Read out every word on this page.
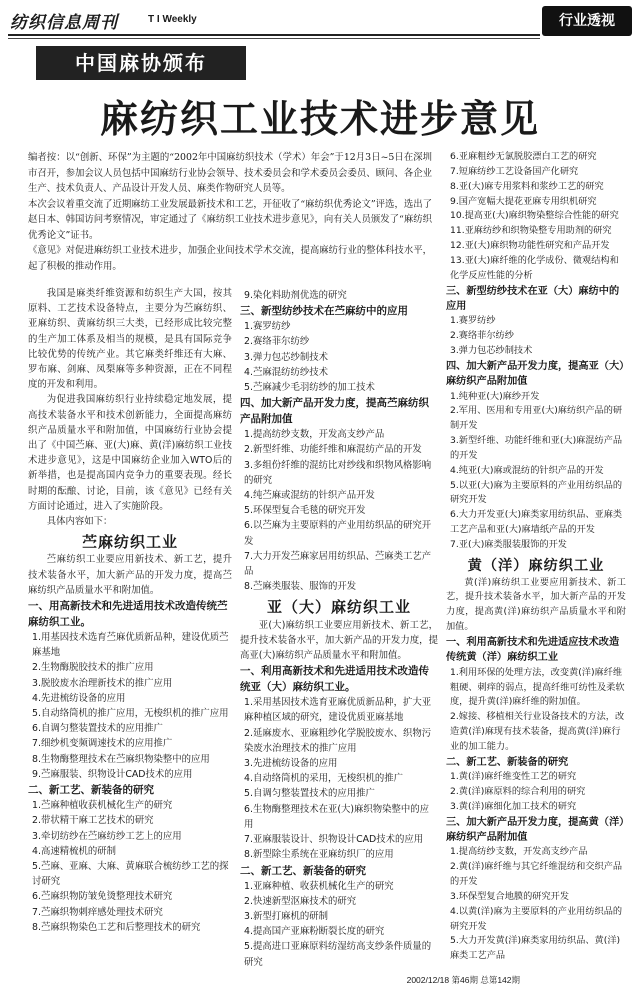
纺织信息周刊	T I Weekly	行业透视
中国麻协颁布
麻纺织工业技术进步意见

编者按：以“创新、环保”为主题的“2002年中国麻纺织技术（学术）年会”于12月3日~5日在深圳市召开，参加会议人员包括中国麻纺行业协会领导、技术委员会和学术委员会委员、顾问、各企业生产、技术负责人、产品设计开发人员、麻类作物研究人员等。

本次会议着重交流了近期麻纺工业发展最新技术和工艺，开征收了“麻纺织优秀论文”评选，选出了赵日本、韩国访问考察情况，审定通过了《麻纺织工业技术进步意见》，向有关人员颁发了“麻纺织优秀论文”证书。

《意见》对促进麻纺织工业技术进步，加强企业间技术学术交流，提高麻纺行业的整体科技水平，起了积极的推动作用。

我国是麻类纤维资源和纺织生产大国，按其原料、工艺技术设备特点，主要分为苎麻纺织、亚麻纺织、黄麻纺织三大类，已经形成比较完整的生产加工体系及相当的规模，是具有国际竞争比较优势的传统产业。其它麻类纤维还有大麻、罗布麻、剑麻、凤梨麻等多种资源，正在不同程度的开发和利用。

为促进我国麻纺织行业持续稳定地发展，提高技术装备水平和技术创新能力，全面提高麻纺织产品质量水平和附加值，中国麻纺行业协会提出了《中国苎麻、亚(大)麻、黄(洋)麻纺织工业技术进步意见》，这是中国麻纺企业加入WTO后的新举措，也是提高国内竞争力的重要表现。经长时期的酝酿、讨论，目前，该《意见》已经有关方面讨论通过，进入了实施阶段。

具体内容如下：

苎麻纺织工业

苎麻纺织工业要应用新技术、新工艺，提升技术装备水平，加大新产品的开发力度，提高苎麻纺织产品质量水平和附加值。

一、用高新技术和先进适用技术改造传统苎麻纺织工业。

1.用基因技术选育苎麻优质新品种，建设优质苎麻基地

2.生物酶脱胶技术的推广应用

3.脱胶废水治理新技术的推广应用

4.先进梳纺设备的应用

5.自动络筒机的推广应用，无梭织机的推广应用

6.自调匀整装置技术的应用推广

7.细纱机变频调速技术的应用推广

8.生物酶整理技术在苎麻织物染整中的应用

9.苎麻服装、织物设计CAD技术的应用

二、新工艺、新装备的研究

1.苎麻种植收获机械化生产的研究

2.带状精干麻工艺技术的研究

3.牵切纺纱在苎麻纺纱工艺上的应用

4.高速精梳机的研制

5.苎麻、亚麻、大麻、黄麻联合梳纺纱工艺的探讨研究

6.苎麻织物防皱免烫整理技术研究

7.苎麻织物刺痒感处理技术研究

8.苎麻织物染色工艺和后整理技术的研究

9.染化料助剂优选的研究

三、新型纺纱技术在苎麻纺中的应用

1.赛罗纺纱

2.赛络菲尔纺纱

3.弹力包芯纱制技术

4.苎麻混纺纺纱技术

5.苎麻减少毛羽纺纱的加工技术

四、加大新产品开发力度，提高苎麻纺织产品附加值

1.提高纺纱支数，开发高支纱产品

2.新型纤维、功能纤维和麻混纺产品的开发

3.多组份纤维的混纺比对纱线和织物风格影响的研究

4.纯苎麻或混纺的针织产品开发

5.环保型复合毛毯的研究开发

6.以苎麻为主要原料的产业用纺织品的研究开发

7.大力开发苎麻家居用纺织品、苎麻类工艺产品

8.苎麻类服装、服饰的开发

亚（大）麻纺织工业

亚(大)麻纺织工业要应用新技术、新工艺，提升技术装备水平，加大新产品的开发力度，提高亚(大)麻纺织产品质量水平和附加值。

一、利用高新技术和先进适用技术改造传统亚（大）麻纺织工业。

1.采用基因技术选育亚麻优质新品种，扩大亚麻种植区域的研究，建设优质亚麻基地

2.延麻废水、亚麻粗纱化学脱胶废水、织物污染废水治理技术的推广应用

3.先进梳纺设备的应用

4.自动络筒机的采用，无梭织机的推广

5.自调匀整装置技术的应用推广

6.生物酶整理技术在亚(大)麻织物染整中的应用

7.亚麻服装设计、织物设计CAD技术的应用

8.新型除尘系统在亚麻纺织厂的应用

二、新工艺、新装备的研究

1.亚麻种植、收获机械化生产的研究

2.快速新型沤麻技术的研究

3.新型打麻机的研制

4.提高国产亚麻粉断裂长度的研究

5.提高进口亚麻原料纺湿纺高支纱条件质量的研究

6.亚麻粗纱无氯脱胶漂白工艺的研究

7.短麻纺纱工艺设备国产化研究

8.亚(大)麻专用浆料和浆纱工艺的研究

9.国产宽幅大提花亚麻专用织机研究

10.提高亚(大)麻织物染整综合性能的研究

11.亚麻纺纱和织物染整专用助剂的研究

12.亚(大)麻织物功能性研究和产品开发

13.亚(大)麻纤维的化学成份、微观结构和化学反应性能的分析

三、新型纺纱技术在亚（大）麻纺中的应用

1.赛罗纺纱

2.赛络菲尔纺纱

3.弹力包芯纱制技术

四、加大新产品开发力度，提高亚（大）麻纺织产品附加值

1.纯种亚(大)麻纱开发

2.军用、医用和专用亚(大)麻纺织产品的研制开发

3.新型纤维、功能纤维和亚(大)麻混纺产品的开发

4.纯亚(大)麻或混纺的针织产品的开发

5.以亚(大)麻为主要原料的产业用纺织品的研究开发

6.大力开发亚(大)麻类家用纺织品、亚麻类工艺产品和亚(大)麻墙纸产品的开发

7.亚(大)麻类服装服饰的开发

黄（洋）麻纺织工业

黄(洋)麻纺织工业要应用新技术、新工艺，提升技术装备水平，加大新产品的开发力度，提高黄(洋)麻纺织产品质量水平和附加值。

一、利用高新技术和先进适应技术改造传统黄（洋）麻纺织工业

1.利用环保的处理方法，改变黄(洋)麻纤维粗硬、刺痒的弱点，提高纤维可纺性及柔软度，提升黄(洋)麻纤维的附加值。

2.嫁接、移植相关行业设备技术的方法，改造黄(洋)麻现有技术装备，提高黄(洋)麻行业的加工能力。

二、新工艺、新装备的研究

1.黄(洋)麻纤维变性工艺的研究

2.黄(洋)麻原料的综合利用的研究

3.黄(洋)麻细化加工技术的研究

三、加大新产品开发力度，提高黄（洋）麻纺织产品附加值

1.提高纺纱支数，开发高支纱产品

2.黄(洋)麻纤维与其它纤维混纺和交织产品的开发

3.环保型复合地膜的研究开发

4.以黄(洋)麻为主要原料的产业用纺织品的研究开发

5.大力开发黄(洋)麻类家用纺织品、黄(洋)麻类工艺产品

2002/12/18 第46期 总第142期
